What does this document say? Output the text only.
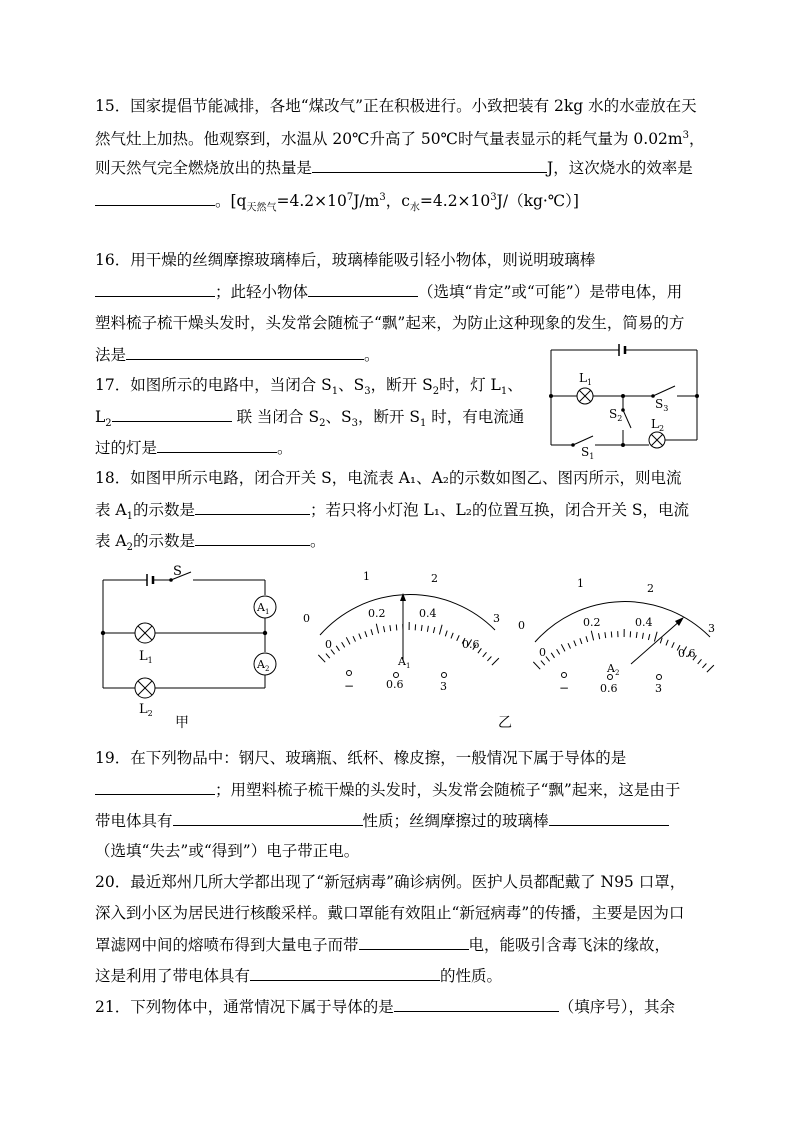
15．国家提倡节能减排，各地“煤改气”正在积极进行。小致把装有 2kg 水的水壶放在天
然气灶上加热。他观察到，水温从 20℃升高了 50℃时气量表显示的耗气量为 $0.02m^3$，
则天然气完全燃烧放出的热量是	J，这次烧水的效率是
。[$q_{天然气}=4.2\times 10^7J/m^3$，$c_水=4.2\times 10^3J/(kg\cdot℃)$]
16．用干燥的丝绸摩擦玻璃棒后，玻璃棒能吸引轻小物体，则说明玻璃棒
；此轻小物体	（选填“肯定”或“可能”）是带电体，用
塑料梳子梳干燥头发时，头发常会随梳子“飘”起来，为防止这种现象的发生，简易的方
法是	。
17．如图所示的电路中，当闭合 $S_1$、$S_3$，断开 $S_2$时，灯 $L_1$、
$L_2$	联 当闭合 $S_2$、$S_3$，断开 $S_1$ 时，有电流通
过的灯是	。
$L_1$
$S_3$
$S_2$
$S_1$
$L_2$
18．如图甲所示电路，闭合开关 S，电流表 A₁、A₂的示数如图乙、图丙所示，则电流
表 $A_1$的示数是	；若只将小灯泡 L₁、L₂的位置互换，闭合开关 S，电流
表 $A_2$的示数是	。
S
$A_1$
$A_2$
$L_1$
$L_2$
甲
0
1	2
3
0
0.2	0.4
0.6
$A_1$
−	0.6	3
乙
0
1	2
3
0
0.2	0.4
0.6
$A_2$
−	0.6	3
19．在下列物品中：钢尺、玻璃瓶、纸杯、橡皮擦，一般情况下属于导体的是
；用塑料梳子梳干燥的头发时，头发常会随梳子“飘”起来，这是由于
带电体具有	性质；丝绸摩擦过的玻璃棒
（选填“失去”或“得到”）电子带正电。
20．最近郑州几所大学都出现了“新冠病毒”确诊病例。医护人员都配戴了 N95 口罩，
深入到小区为居民进行核酸采样。戴口罩能有效阻止“新冠病毒”的传播，主要是因为口
罩滤网中间的熔喷布得到大量电子而带	电，能吸引含毒飞沫的缘故，
这是利用了带电体具有	的性质。
21．下列物体中，通常情况下属于导体的是	（填序号），其余
